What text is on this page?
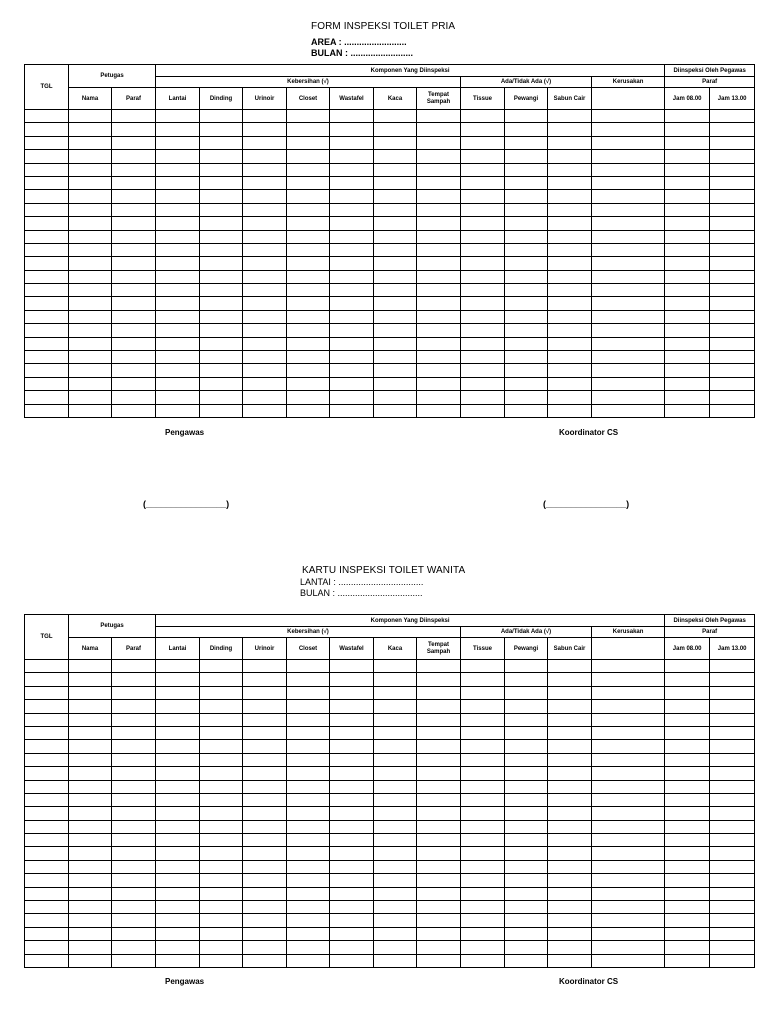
FORM INSPEKSI TOILET PRIA
AREA : .........................
BULAN : .........................
TGL	Petugas		Komponen Yang Diinspeksi											Diinspeksi Oleh Pegawas	
			Kebersihan (√)							Ada/Tidak Ada (√)			Kerusakan	Paraf	
	Nama	Paraf	Lantai	Dinding	Urinoir	Closet	Wastafel	Kaca	Tempat Sampah	Tissue	Pewangi	Sabun Cair		Jam 08.00	Jam 13.00

Pengawas	Koordinator CS
(________________)	(________________)
KARTU INSPEKSI TOILET WANITA
LANTAI : ..................................
BULAN : ..................................
TGL	Petugas		Komponen Yang Diinspeksi											Diinspeksi Oleh Pegawas	
			Kebersihan (√)							Ada/Tidak Ada (√)			Kerusakan	Paraf	
	Nama	Paraf	Lantai	Dinding	Urinoir	Closet	Wastafel	Kaca	Tempat Sampah	Tissue	Pewangi	Sabun Cair		Jam 08.00	Jam 13.00

Pengawas	Koordinator CS
